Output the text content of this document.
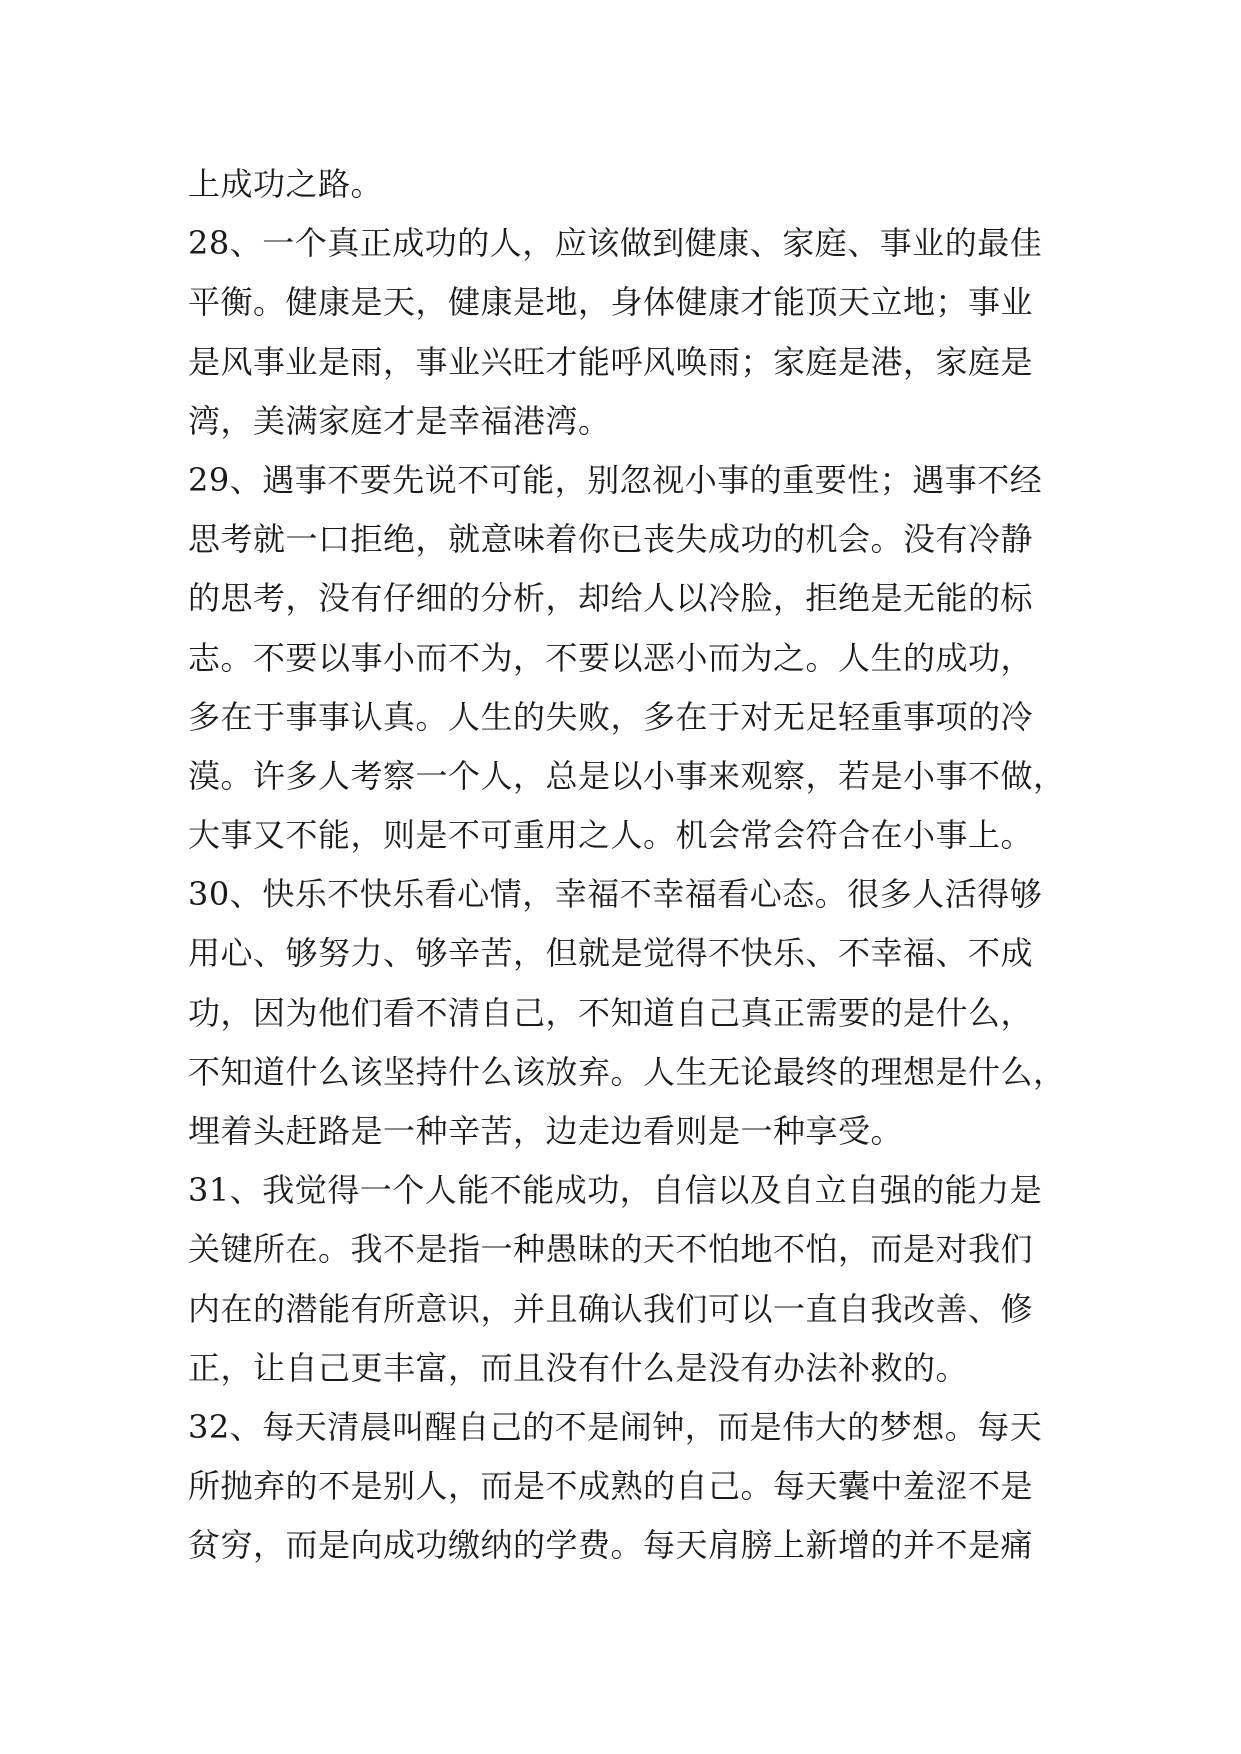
上成功之路。
28、一个真正成功的人，应该做到健康、家庭、事业的最佳
平衡。健康是天，健康是地，身体健康才能顶天立地；事业
是风事业是雨，事业兴旺才能呼风唤雨；家庭是港，家庭是
湾，美满家庭才是幸福港湾。
29、遇事不要先说不可能，别忽视小事的重要性；遇事不经
思考就一口拒绝，就意味着你已丧失成功的机会。没有冷静
的思考，没有仔细的分析，却给人以冷脸，拒绝是无能的标
志。不要以事小而不为，不要以恶小而为之。人生的成功，
多在于事事认真。人生的失败，多在于对无足轻重事项的冷
漠。许多人考察一个人，总是以小事来观察，若是小事不做，
大事又不能，则是不可重用之人。机会常会符合在小事上。
30、快乐不快乐看心情，幸福不幸福看心态。很多人活得够
用心、够努力、够辛苦，但就是觉得不快乐、不幸福、不成
功，因为他们看不清自己，不知道自己真正需要的是什么，
不知道什么该坚持什么该放弃。人生无论最终的理想是什么，
埋着头赶路是一种辛苦，边走边看则是一种享受。
31、我觉得一个人能不能成功，自信以及自立自强的能力是
关键所在。我不是指一种愚昧的天不怕地不怕，而是对我们
内在的潜能有所意识，并且确认我们可以一直自我改善、修
正，让自己更丰富，而且没有什么是没有办法补救的。
32、每天清晨叫醒自己的不是闹钟，而是伟大的梦想。每天
所抛弃的不是别人，而是不成熟的自己。每天囊中羞涩不是
贫穷，而是向成功缴纳的学费。每天肩膀上新增的并不是痛
